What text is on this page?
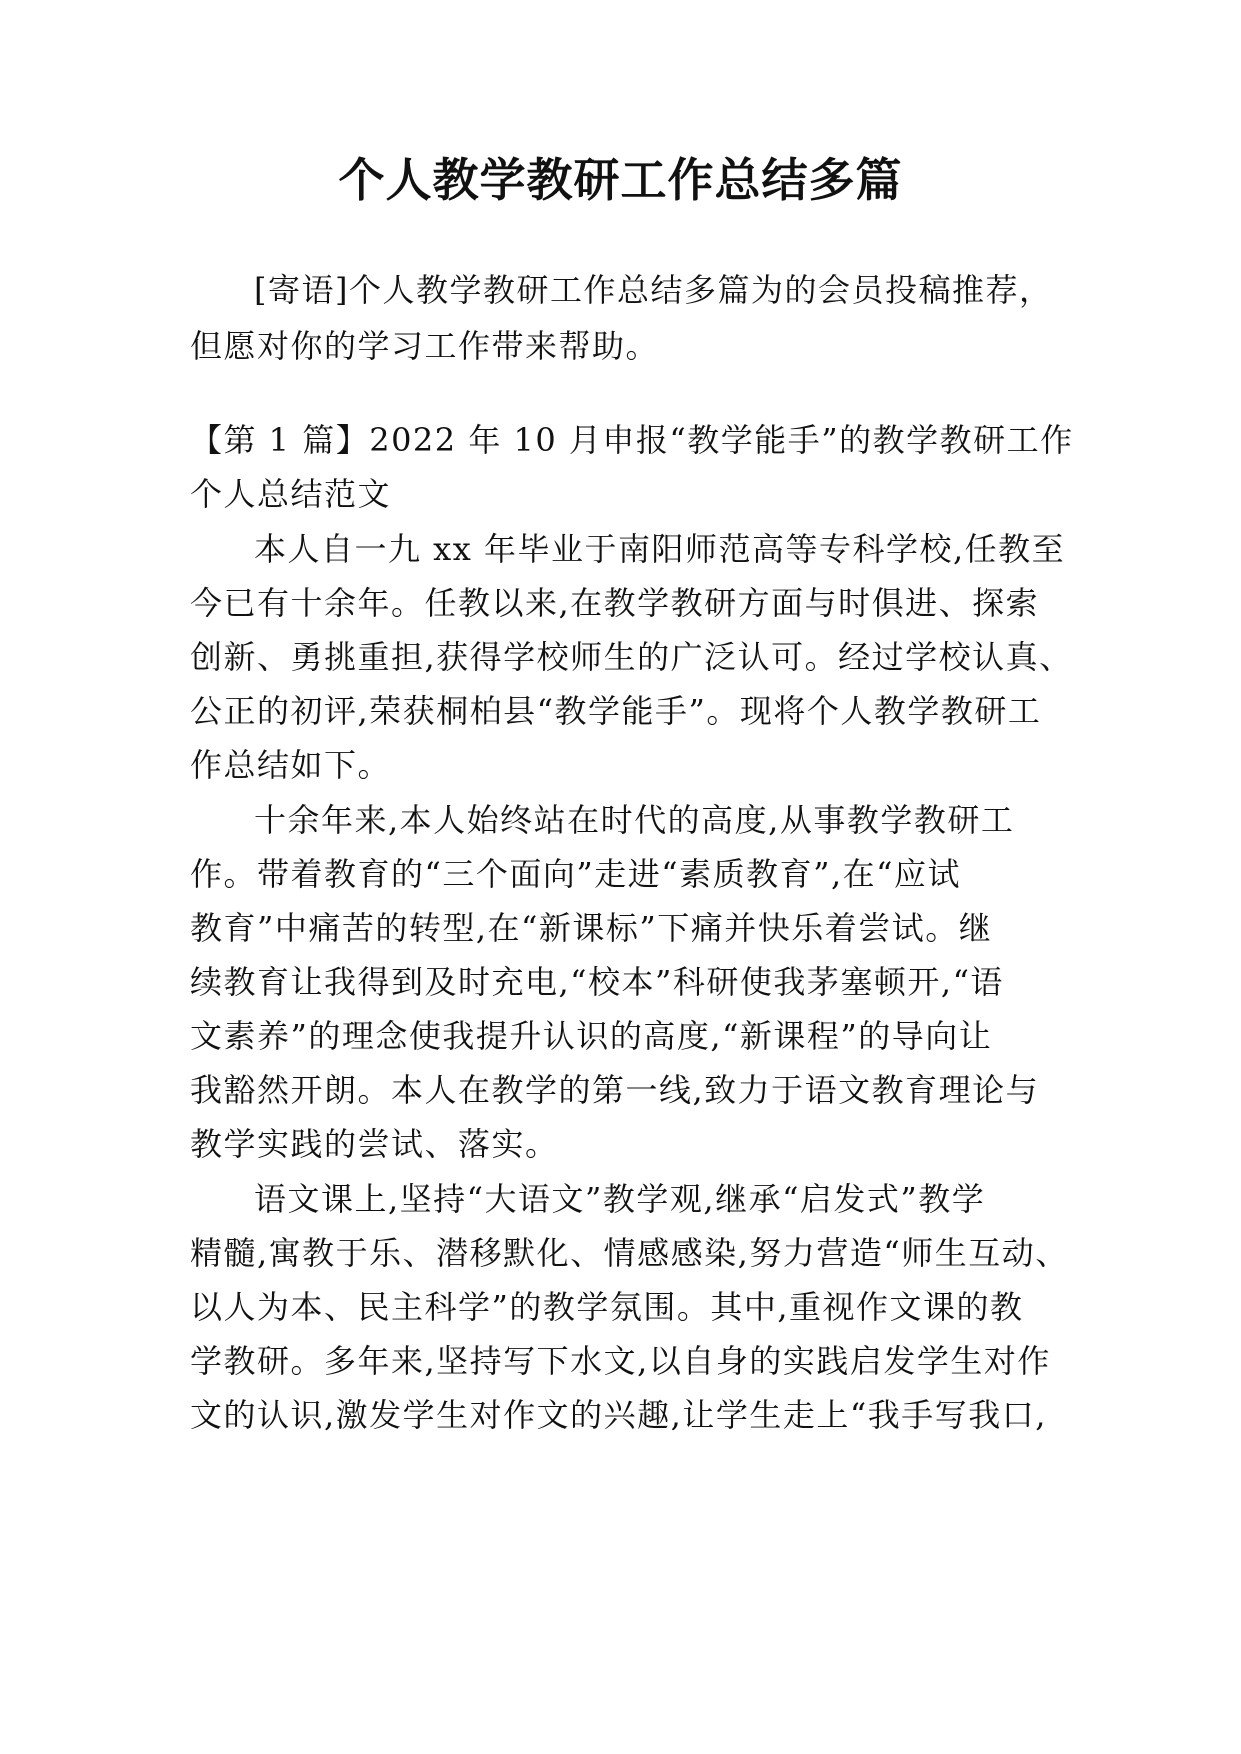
个人教学教研工作总结多篇
[寄语]个人教学教研工作总结多篇为的会员投稿推荐，
但愿对你的学习工作带来帮助。
【第 1 篇】2022 年 10 月申报“教学能手”的教学教研工作
个人总结范文
本人自一九 xx 年毕业于南阳师范高等专科学校,任教至
今已有十余年。任教以来,在教学教研方面与时俱进、探索
创新、勇挑重担,获得学校师生的广泛认可。经过学校认真、
公正的初评,荣获桐柏县“教学能手”。现将个人教学教研工
作总结如下。
十余年来,本人始终站在时代的高度,从事教学教研工
作。带着教育的“三个面向”走进“素质教育”,在“应试
教育”中痛苦的转型,在“新课标”下痛并快乐着尝试。继
续教育让我得到及时充电,“校本”科研使我茅塞顿开,“语
文素养”的理念使我提升认识的高度,“新课程”的导向让
我豁然开朗。本人在教学的第一线,致力于语文教育理论与
教学实践的尝试、落实。
语文课上,坚持“大语文”教学观,继承“启发式”教学
精髓,寓教于乐、潜移默化、情感感染,努力营造“师生互动、
以人为本、民主科学”的教学氛围。其中,重视作文课的教
学教研。多年来,坚持写下水文,以自身的实践启发学生对作
文的认识,激发学生对作文的兴趣,让学生走上“我手写我口,
